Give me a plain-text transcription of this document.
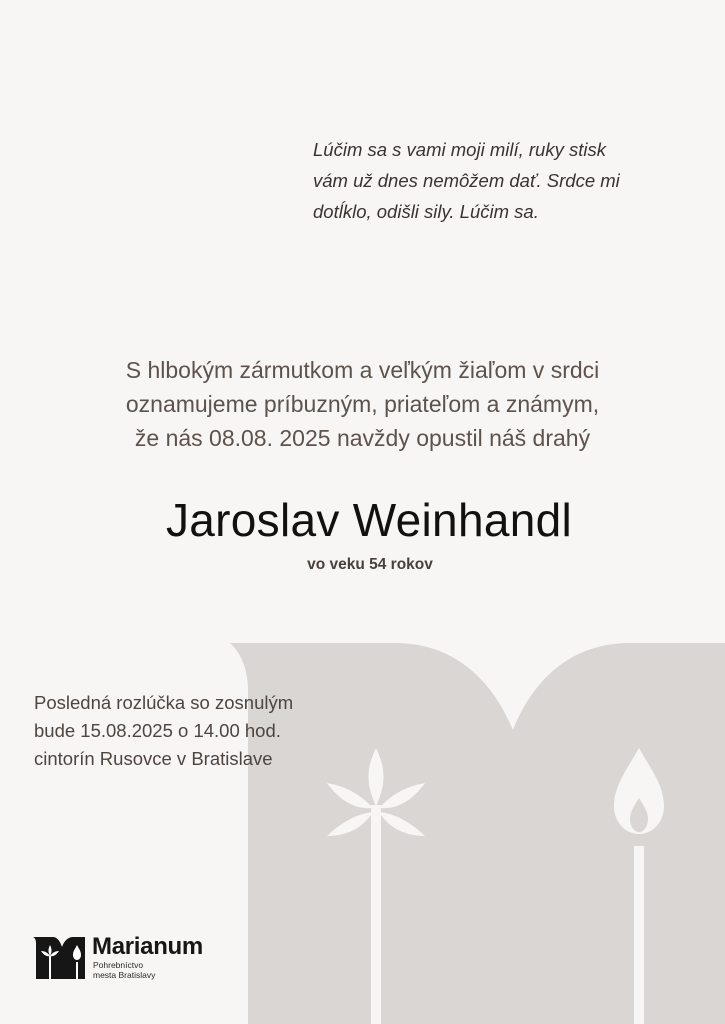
Lúčim sa s vami moji milí, ruky stisk
vám už dnes nemôžem dať. Srdce mi
dotĺklo, odišli sily. Lúčim sa.
S hlbokým zármutkom a veľkým žiaľom v srdci
oznamujeme príbuzným, priateľom a známym,
že nás 08.08. 2025 navždy opustil náš drahý
Jaroslav Weinhandl
vo veku 54 rokov
Posledná rozlúčka so zosnulým
bude 15.08.2025 o 14.00 hod.
cintorín Rusovce v Bratislave
Marianum
Pohrebníctvo
mesta Bratislavy
